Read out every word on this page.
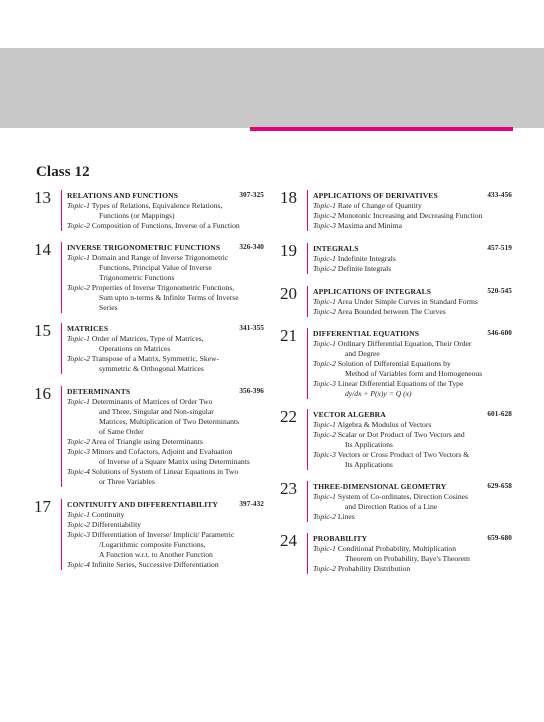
Class 12
13	RELATIONS AND FUNCTIONS	307-325
Topic-1 Types of Relations, Equivalence Relations,
Functions (or Mappings)
Topic-2 Composition of Functions, Inverse of a Function
14	INVERSE TRIGONOMETRIC FUNCTIONS	326-340
Topic-1 Domain and Range of Inverse Trigonometric
Functions, Principal Value of Inverse
Trigonometric Functions
Topic-2 Properties of Inverse Trigonometric Functions,
Sum upto n-terms & Infinite Terms of Inverse
Series
15	MATRICES	341-355
Topic-1 Order of Matrices, Type of Matrices,
Operations on Matrices
Topic-2 Transpose of a Matrix, Symmetric, Skew-
symmetric & Orthogonal Matrices
16	DETERMINANTS	356-396
Topic-1 Determinants of Matrices of Order Two
and Three, Singular and Non-singular
Matrices, Multiplication of Two Determinants
of Same Order
Topic-2 Area of Triangle using Determinants
Topic-3 Minors and Cofactors, Adjoint and Evaluation
of Inverse of a Square Matrix using Determinants
Topic-4 Solutions of System of Linear Equations in Two
or Three Variables
17	CONTINUITY AND DIFFERENTIABILITY	397-432
Topic-1 Continuity
Topic-2 Differentiability
Topic-3 Differentiation of Inverse/ Implicit/ Parametric
/Logarithmic composite Functions,
A Function w.r.t. to Another Function
Topic-4 Infinite Series, Successive Differentiation
18	APPLICATIONS OF DERIVATIVES	433-456
Topic-1 Rate of Change of Quantity
Topic-2 Monotonic Increasing and Decreasing Function
Topic-3 Maxima and Minima
19	INTEGRALS	457-519
Topic-1 Indefinite Integrals
Topic-2 Definite Integrals
20	APPLICATIONS OF INTEGRALS	520-545
Topic-1 Area Under Simple Curves in Standard Forms
Topic-2 Area Bounded between The Curves
21	DIFFERENTIAL EQUATIONS	546-600
Topic-1 Ordinary Differential Equation, Their Order
and Degree
Topic-2 Solution of Differential Equations by
Method of Variables form and Homogeneous
Topic-3 Linear Differential Equations of the Type
dy/dx + P(x)y = Q (x)
22	VECTOR ALGEBRA	601-628
Topic-1 Algebra & Modulus of Vectors
Topic-2 Scalar or Dot Product of Two Vectors and
Its Applications
Topic-3 Vectors or Cross Product of Two Vectors &
Its Applications
23	THREE-DIMENSIONAL GEOMETRY	629-658
Topic-1 System of Co-ordinates, Direction Cosines
and Direction Ratios of a Line
Topic-2 Lines
24	PROBABILITY	659-680
Topic-1 Conditional Probability, Multiplication
Theorem on Probability, Baye's Theorem
Topic-2 Probability Distribution
